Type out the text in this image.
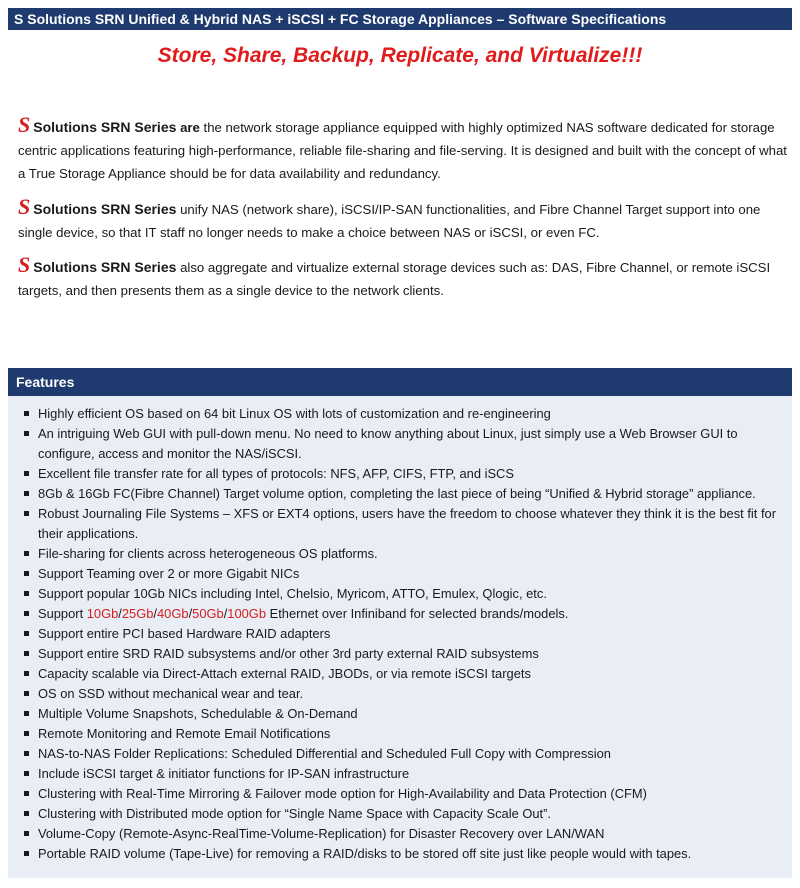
S Solutions SRN Unified & Hybrid NAS + iSCSI + FC Storage Appliances – Software Specifications
Store, Share, Backup, Replicate, and Virtualize!!!

S Solutions SRN Series are the network storage appliance equipped with highly optimized NAS software dedicated for storage centric applications featuring high-performance, reliable file-sharing and file-serving. It is designed and built with the concept of what a True Storage Appliance should be for data availability and redundancy.

S Solutions SRN Series unify NAS (network share), iSCSI/IP-SAN functionalities, and Fibre Channel Target support into one single device, so that IT staff no longer needs to make a choice between NAS or iSCSI, or even FC.

S Solutions SRN Series also aggregate and virtualize external storage devices such as: DAS, Fibre Channel, or remote iSCSI targets, and then presents them as a single device to the network clients.

Features
Highly efficient OS based on 64 bit Linux OS with lots of customization and re-engineering
An intriguing Web GUI with pull-down menu. No need to know anything about Linux, just simply use a Web Browser GUI to configure, access and monitor the NAS/iSCSI.
Excellent file transfer rate for all types of protocols: NFS, AFP, CIFS, FTP, and iSCS
8Gb & 16Gb FC(Fibre Channel) Target volume option, completing the last piece of being “Unified & Hybrid storage” appliance.
Robust Journaling File Systems – XFS or EXT4 options, users have the freedom to choose whatever they think it is the best fit for their applications.
File-sharing for clients across heterogeneous OS platforms.
Support Teaming over 2 or more Gigabit NICs
Support popular 10Gb NICs including Intel, Chelsio, Myricom, ATTO, Emulex, Qlogic, etc.
Support 10Gb/25Gb/40Gb/50Gb/100Gb Ethernet over Infiniband for selected brands/models.
Support entire PCI based Hardware RAID adapters
Support entire SRD RAID subsystems and/or other 3rd party external RAID subsystems
Capacity scalable via Direct-Attach external RAID, JBODs, or via remote iSCSI targets
OS on SSD without mechanical wear and tear.
Multiple Volume Snapshots, Schedulable & On-Demand
Remote Monitoring and Remote Email Notifications
NAS-to-NAS Folder Replications: Scheduled Differential and Scheduled Full Copy with Compression
Include iSCSI target & initiator functions for IP-SAN infrastructure
Clustering with Real-Time Mirroring & Failover mode option for High-Availability and Data Protection (CFM)
Clustering with Distributed mode option for “Single Name Space with Capacity Scale Out”.
Volume-Copy (Remote-Async-RealTime-Volume-Replication) for Disaster Recovery over LAN/WAN
Portable RAID volume (Tape-Live) for removing a RAID/disks to be stored off site just like people would with tapes.
